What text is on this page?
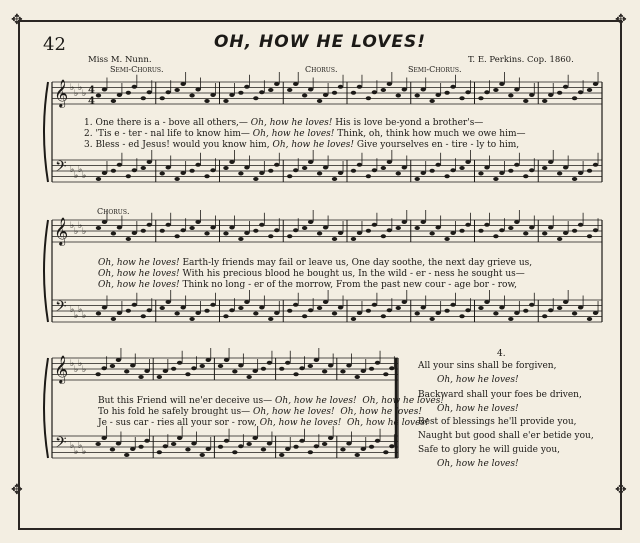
✥	✥
✥	✥
42	OH, HOW HE LOVES!
Miss M. Nunn.	T. E. Perkins. Cop. 1860.
Semi-Chorus.	Chorus.	Semi-Chorus.
Chorus.
𝄞
𝄢
♭
♭
♭
♭
♭
♭
♭
♭
4
4
𝄞
𝄢
♭
♭
♭
♭
♭
♭
♭
♭
𝄞
𝄢
♭
♭
♭
♭
♭
♭
♭
♭
1. One there is a - bove all others,— Oh, how he loves! His is love be-yond a brother's—
2. 'Tis e - ter - nal life to know him— Oh, how he loves! Think, oh, think how much we owe him—
3. Bless - ed Jesus! would you know him, Oh, how he loves! Give yourselves en - tire - ly to him,
Oh, how he loves! Earth-ly friends may fail or leave us, One day soothe, the next day grieve us,
Oh, how he loves! With his precious blood he bought us, In the wild - er - ness he sought us—
Oh, how he loves! Think no long - er of the morrow, From the past new cour - age bor - row,
But this Friend will ne'er deceive us— Oh, how he loves! Oh, how he loves!
To his fold he safely brought us— Oh, how he loves! Oh, how he loves!
Je - sus car - ries all your sor - row, Oh, how he loves! Oh, how he loves!
4.
All your sins shall be forgiven,
Oh, how he loves!
Backward shall your foes be driven,
Oh, how he loves!
Best of blessings he'll provide you,
Naught but good shall e'er betide you,
Safe to glory he will guide you,
Oh, how he loves!
